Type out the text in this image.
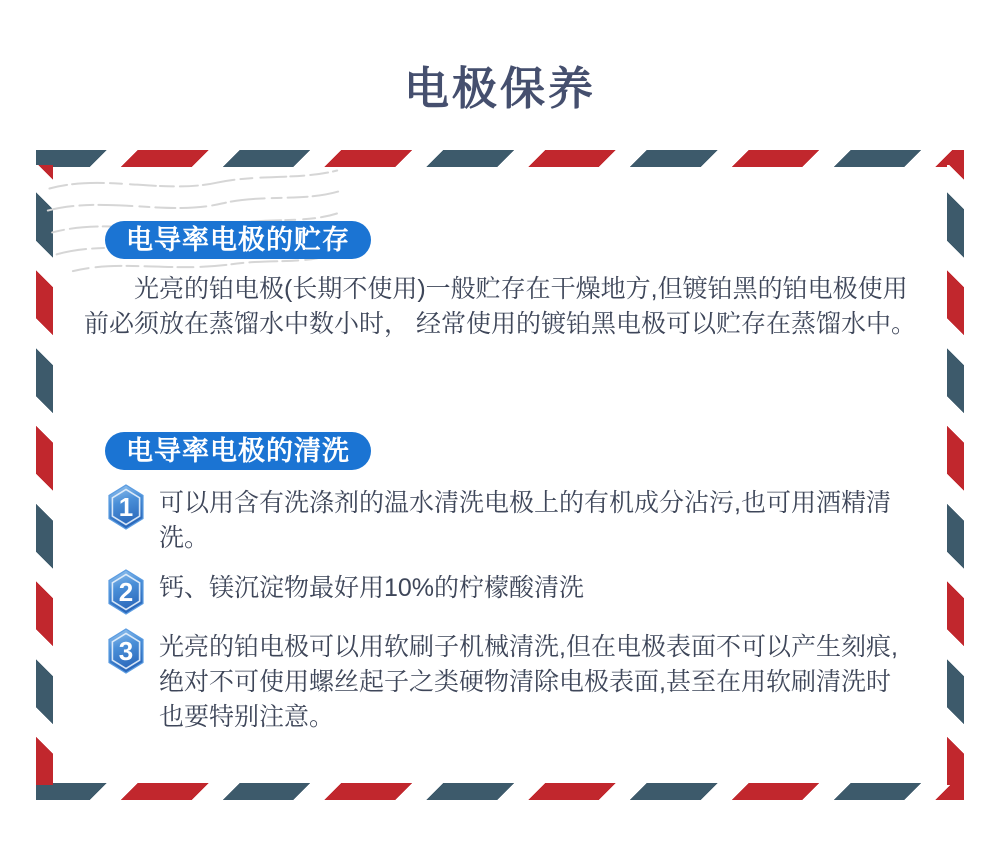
电极保养
电导率电极的贮存

光亮的铂电极(长期不使用)一般贮存在干燥地方,但镀铂黑的铂电极使用前必须放在蒸馏水中数小时， 经常使用的镀铂黑电极可以贮存在蒸馏水中。

电导率电极的清洗
1 可以用含有洗涤剂的温水清洗电极上的有机成分沾污,也可用酒精清洗。
2 钙、镁沉淀物最好用10%的柠檬酸清洗
3 光亮的铂电极可以用软刷子机械清洗,但在电极表面不可以产生刻痕,绝对不可使用螺丝起子之类硬物清除电极表面,甚至在用软刷清洗时也要特别注意。
